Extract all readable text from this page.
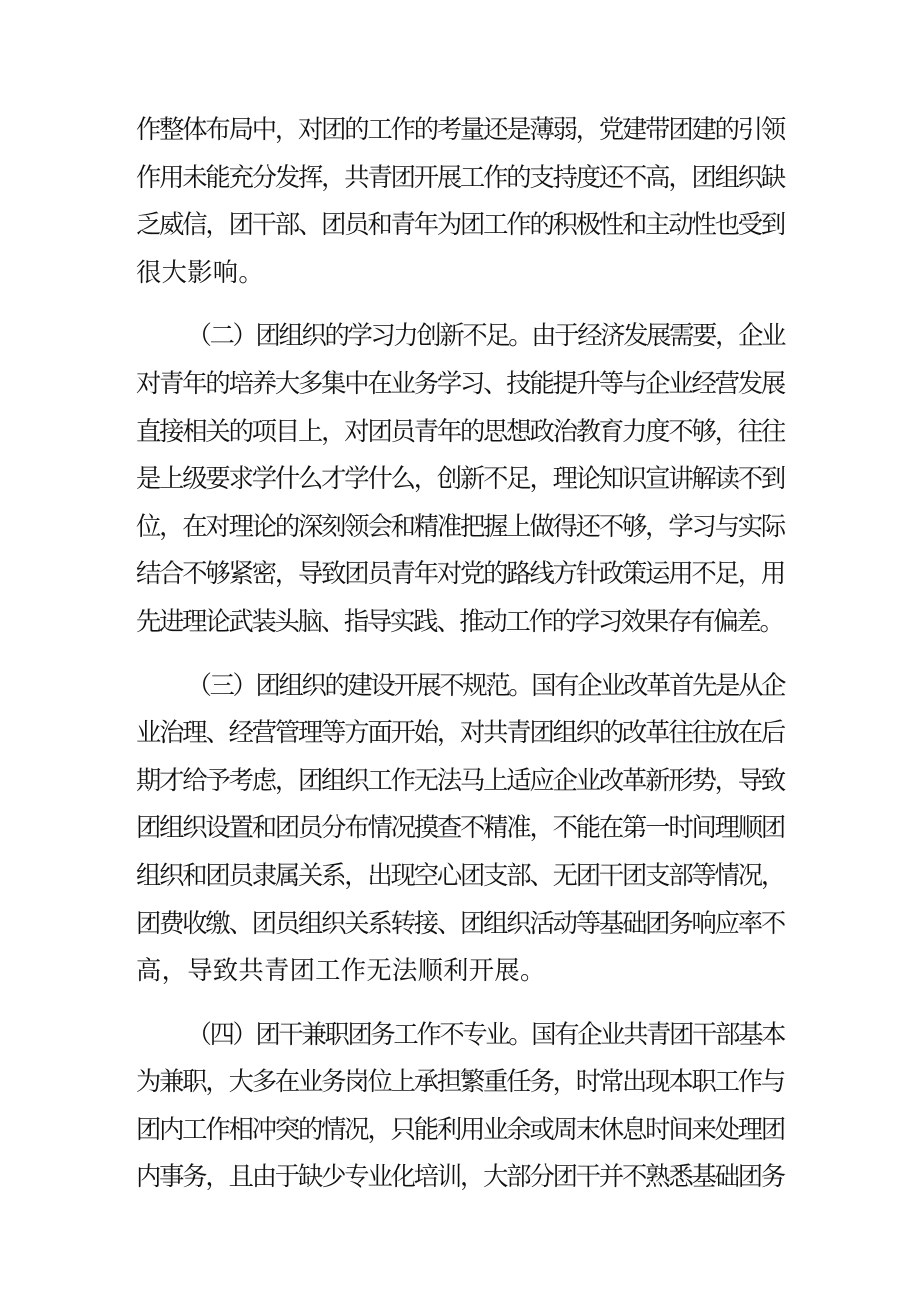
作整体布局中，对团的工作的考量还是薄弱，党建带团建的引领
作用未能充分发挥，共青团开展工作的支持度还不高，团组织缺
乏威信，团干部、团员和青年为团工作的积极性和主动性也受到
很大影响。

（二）团组织的学习力创新不足。由于经济发展需要，企业
对青年的培养大多集中在业务学习、技能提升等与企业经营发展
直接相关的项目上，对团员青年的思想政治教育力度不够，往往
是上级要求学什么才学什么，创新不足，理论知识宣讲解读不到
位，在对理论的深刻领会和精准把握上做得还不够，学习与实际
结合不够紧密，导致团员青年对党的路线方针政策运用不足，用
先进理论武装头脑、指导实践、推动工作的学习效果存有偏差。

（三）团组织的建设开展不规范。国有企业改革首先是从企
业治理、经营管理等方面开始，对共青团组织的改革往往放在后
期才给予考虑，团组织工作无法马上适应企业改革新形势，导致
团组织设置和团员分布情况摸查不精准，不能在第一时间理顺团
组织和团员隶属关系，出现空心团支部、无团干团支部等情况，
团费收缴、团员组织关系转接、团组织活动等基础团务响应率不
高，导致共青团工作无法顺利开展。

（四）团干兼职团务工作不专业。国有企业共青团干部基本
为兼职，大多在业务岗位上承担繁重任务，时常出现本职工作与
团内工作相冲突的情况，只能利用业余或周末休息时间来处理团
内事务，且由于缺少专业化培训，大部分团干并不熟悉基础团务
